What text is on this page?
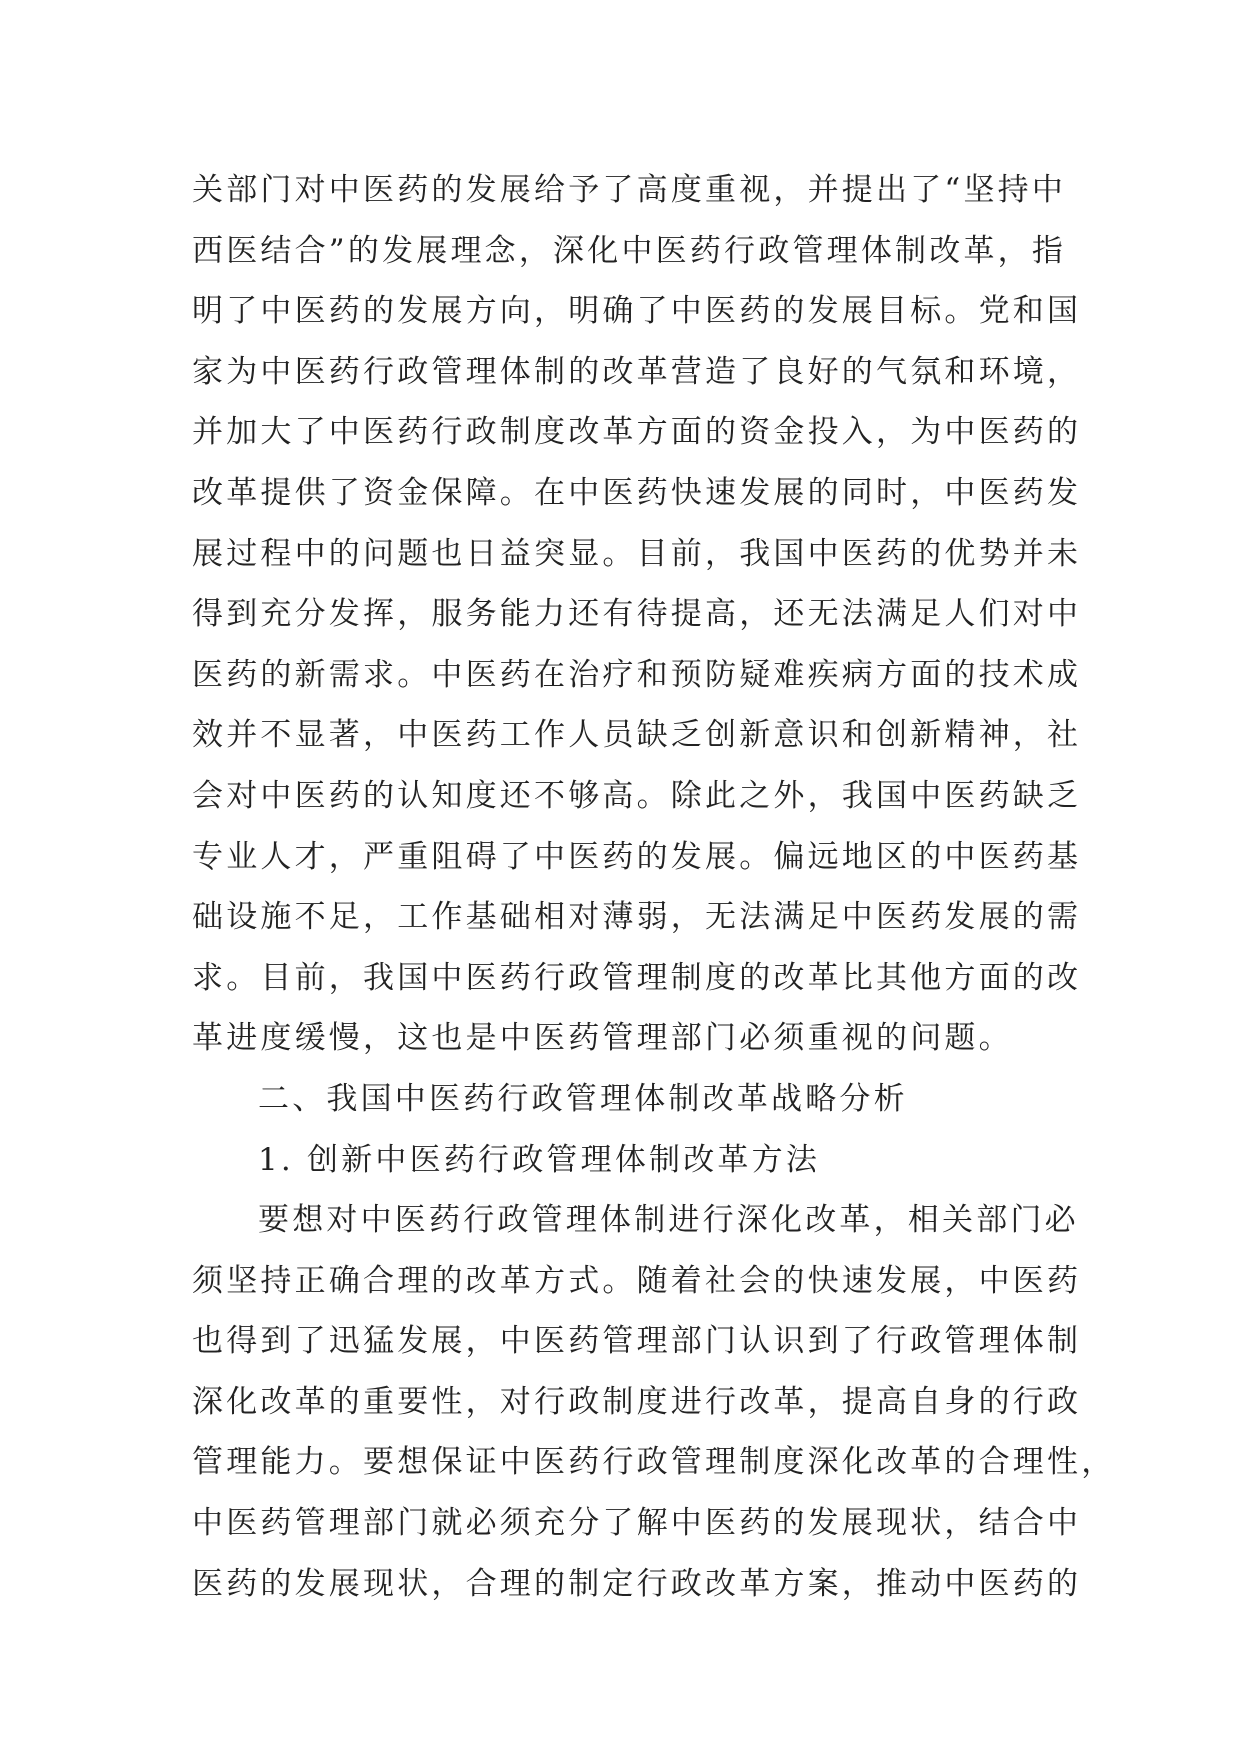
关部门对中医药的发展给予了高度重视，并提出了“坚持中
西医结合”的发展理念，深化中医药行政管理体制改革，指
明了中医药的发展方向，明确了中医药的发展目标。党和国
家为中医药行政管理体制的改革营造了良好的气氛和环境，
并加大了中医药行政制度改革方面的资金投入，为中医药的
改革提供了资金保障。在中医药快速发展的同时，中医药发
展过程中的问题也日益突显。目前，我国中医药的优势并未
得到充分发挥，服务能力还有待提高，还无法满足人们对中
医药的新需求。中医药在治疗和预防疑难疾病方面的技术成
效并不显著，中医药工作人员缺乏创新意识和创新精神，社
会对中医药的认知度还不够高。除此之外，我国中医药缺乏
专业人才，严重阻碍了中医药的发展。偏远地区的中医药基
础设施不足，工作基础相对薄弱，无法满足中医药发展的需
求。目前，我国中医药行政管理制度的改革比其他方面的改
革进度缓慢，这也是中医药管理部门必须重视的问题。
二、我国中医药行政管理体制改革战略分析
1. 创新中医药行政管理体制改革方法
要想对中医药行政管理体制进行深化改革，相关部门必
须坚持正确合理的改革方式。随着社会的快速发展，中医药
也得到了迅猛发展，中医药管理部门认识到了行政管理体制
深化改革的重要性，对行政制度进行改革，提高自身的行政
管理能力。要想保证中医药行政管理制度深化改革的合理性，
中医药管理部门就必须充分了解中医药的发展现状，结合中
医药的发展现状，合理的制定行政改革方案，推动中医药的
